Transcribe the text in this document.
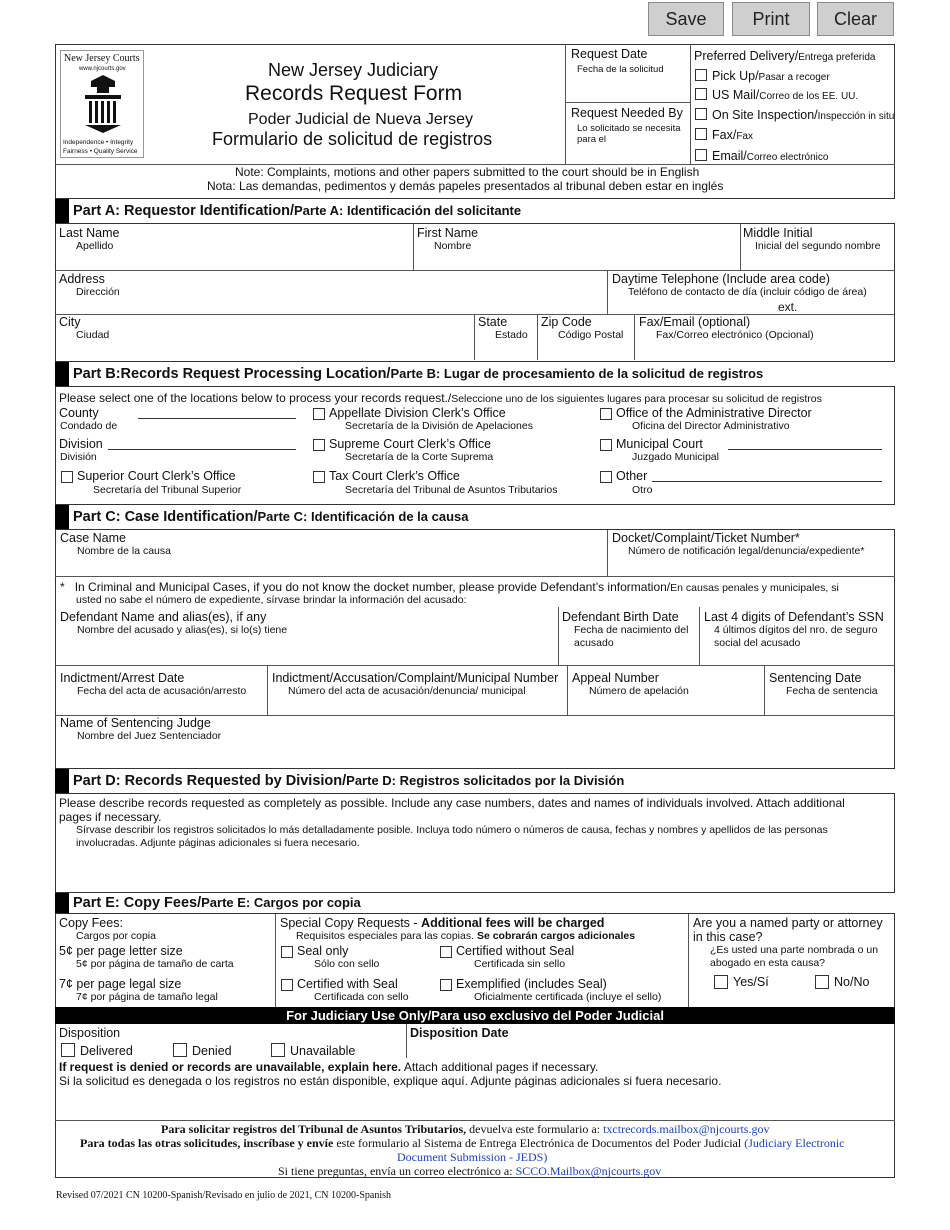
Save	Print	Clear
New Jersey Courts
www.njcourts.gov
Independence • Integrity
Fairness • Quality Service
New Jersey Judiciary
Records Request Form
Poder Judicial de Nueva Jersey
Formulario de solicitud de registros
Request Date
Fecha de la solicitud
Request Needed By
Lo solicitado se necesita
para el
Preferred Delivery/Entrega preferida
Pick Up/Pasar a recoger
US Mail/Correo de los EE. UU.
On Site Inspection/Inspección in situ
Fax/Fax
Email/Correo electrónico
Note: Complaints, motions and other papers submitted to the court should be in English
Nota: Las demandas, pedimentos y demás papeles presentados al tribunal deben estar en inglés
Part A: Requestor Identification/Parte A: Identificación del solicitante
Last Name
Apellido
First Name
Nombre
Middle Initial
Inicial del segundo nombre
Address
Dirección
Daytime Telephone (Include area code)
Teléfono de contacto de día (incluir código de área)
ext.
City
Ciudad
State
Estado
Zip Code
Código Postal
Fax/Email (optional)
Fax/Correo electrónico (Opcional)
Part B:Records Request Processing Location/Parte B: Lugar de procesamiento de la solicitud de registros
Please select one of the locations below to process your records request./Seleccione uno de los siguientes lugares para procesar su solicitud de registros
County
Condado de
Division
División
Superior Court Clerk’s Office
Secretaría del Tribunal Superior
Appellate Division Clerk’s Office
Secretaría de la División de Apelaciones
Supreme Court Clerk’s Office
Secretaría de la Corte Suprema
Tax Court Clerk’s Office
Secretaría del Tribunal de Asuntos Tributarios
Office of the Administrative Director
Oficina del Director Administrativo
Municipal Court
Juzgado Municipal
Other
Otro
Part C: Case Identification/Parte C: Identificación de la causa
Case Name
Nombre de la causa
Docket/Complaint/Ticket Number*
Número de notificación legal/denuncia/expediente*
* In Criminal and Municipal Cases, if you do not know the docket number, please provide Defendant’s information/En causas penales y municipales, si
usted no sabe el número de expediente, sírvase brindar la información del acusado:
Defendant Name and alias(es), if any
Nombre del acusado y alias(es), si lo(s) tiene
Defendant Birth Date
Fecha de nacimiento del
acusado
Last 4 digits of Defendant’s SSN
4 últimos dígitos del nro. de seguro
social del acusado
Indictment/Arrest Date
Fecha del acta de acusación/arresto
Indictment/Accusation/Complaint/Municipal Number
Número del acta de acusación/denuncia/ municipal
Appeal Number
Número de apelación
Sentencing Date
Fecha de sentencia
Name of Sentencing Judge
Nombre del Juez Sentenciador
Part D: Records Requested by Division/Parte D: Registros solicitados por la División
Please describe records requested as completely as possible. Include any case numbers, dates and names of individuals involved. Attach additional
pages if necessary.
Sírvase describir los registros solicitados lo más detalladamente posible. Incluya todo número o números de causa, fechas y nombres y apellidos de las personas
involucradas. Adjunte páginas adicionales si fuera necesario.
Part E: Copy Fees/Parte E: Cargos por copia
Copy Fees:
Cargos por copia
5¢ per page letter size
5¢ por página de tamaño de carta
7¢ per page legal size
7¢ por página de tamaño legal
Special Copy Requests - Additional fees will be charged
Requisitos especiales para las copias. Se cobrarán cargos adicionales
Seal only
Sólo con sello
Certified without Seal
Certificada sin sello
Certified with Seal
Certificada con sello
Exemplified (includes Seal)
Oficialmente certificada (incluye el sello)
Are you a named party or attorney
in this case?
¿Es usted una parte nombrada o un
abogado en esta causa?
Yes/Sí	No/No
For Judiciary Use Only/Para uso exclusivo del Poder Judicial
Disposition	Disposition Date
Delivered	Denied	Unavailable
If request is denied or records are unavailable, explain here. Attach additional pages if necessary.
Si la solicitud es denegada o los registros no están disponible, explique aquí. Adjunte páginas adicionales si fuera necesario.
Para solicitar registros del Tribunal de Asuntos Tributarios, devuelva este formulario a: txctrecords.mailbox@njcourts.gov
Para todas las otras solicitudes, inscríbase y envíe este formulario al Sistema de Entrega Electrónica de Documentos del Poder Judicial (Judiciary Electronic
Document Submission - JEDS)
Si tiene preguntas, envía un correo electrónico a: SCCO.Mailbox@njcourts.gov
Revised 07/2021 CN 10200-Spanish/Revisado en julio de 2021, CN 10200-Spanish
